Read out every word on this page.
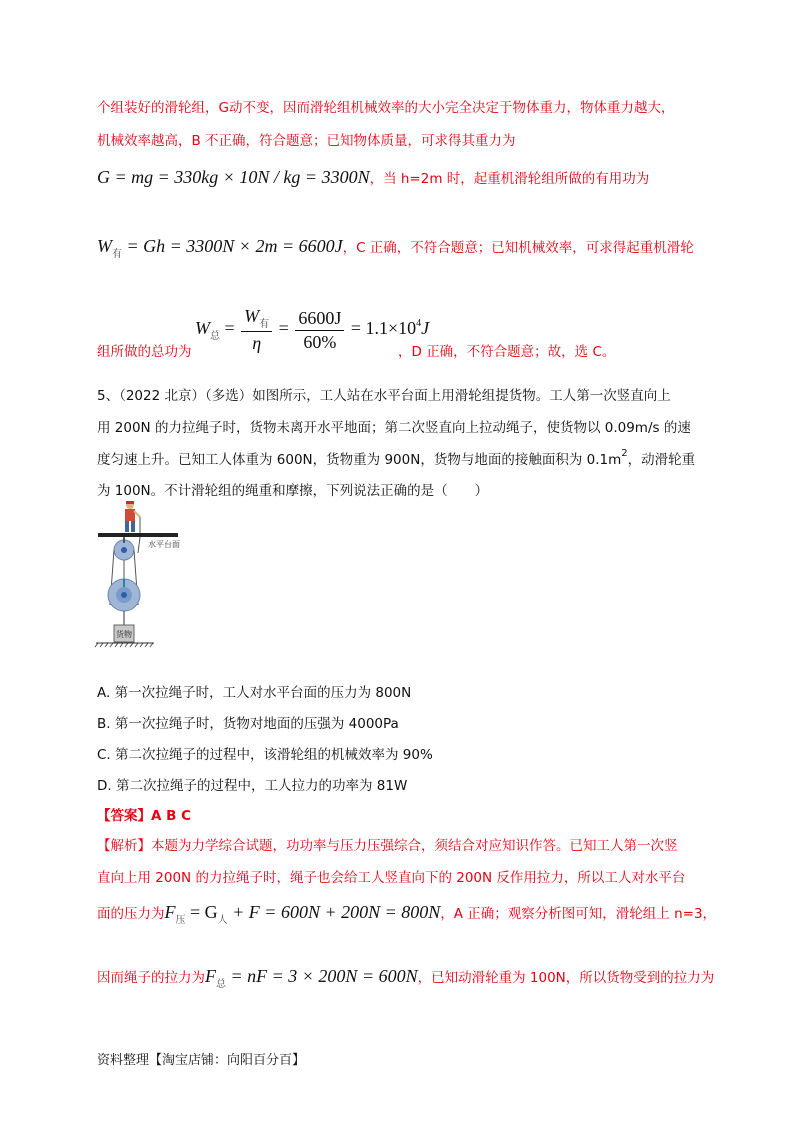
个组装好的滑轮组，G动不变，因而滑轮组机械效率的大小完全决定于物体重力，物体重力越大，
机械效率越高，B 不正确，符合题意；已知物体质量，可求得其重力为
G = mg = 330kg × 10N / kg = 3300N，当 h=2m 时，起重机滑轮组所做的有用功为
$W_有 = Gh = 3300N \times 2m = 6600J$，C 正确，不符合题意；已知机械效率，可求得起重机滑轮
$W_总 = \frac{W_有}{\eta} = \frac{6600J}{60\%} = 1.1\times 10^4J$
组所做的总功为	，D 正确，不符合题意；故，选 C。
5、（2022 北京）（多选）如图所示，工人站在水平台面上用滑轮组提货物。工人第一次竖直向上
用 200N 的力拉绳子时，货物未离开水平地面；第二次竖直向上拉动绳子，使货物以 0.09m/s 的速
度匀速上升。已知工人体重为 600N，货物重为 900N，货物与地面的接触面积为 $0.1m^2$，动滑轮重
为 100N。不计滑轮组的绳重和摩擦，下列说法正确的是（　　）
水平台面
货物
A. 第一次拉绳子时，工人对水平台面的压力为 800N
B. 第一次拉绳子时，货物对地面的压强为 4000Pa
C. 第二次拉绳子的过程中，该滑轮组的机械效率为 90%
D. 第二次拉绳子的过程中，工人拉力的功率为 81W
【答案】A B C
【解析】本题为力学综合试题，功功率与压力压强综合，须结合对应知识作答。已知工人第一次竖
直向上用 200N 的力拉绳子时，绳子也会给工人竖直向下的 200N 反作用拉力，所以工人对水平台
面的压力为$F_压 = G_人 + F = 600N + 200N = 800N$，A 正确；观察分析图可知，滑轮组上 n=3，
因而绳子的拉力为$F_总$ = nF = 3 × 200N = 600N，已知动滑轮重为 100N，所以货物受到的拉力为
资料整理【淘宝店铺：向阳百分百】
